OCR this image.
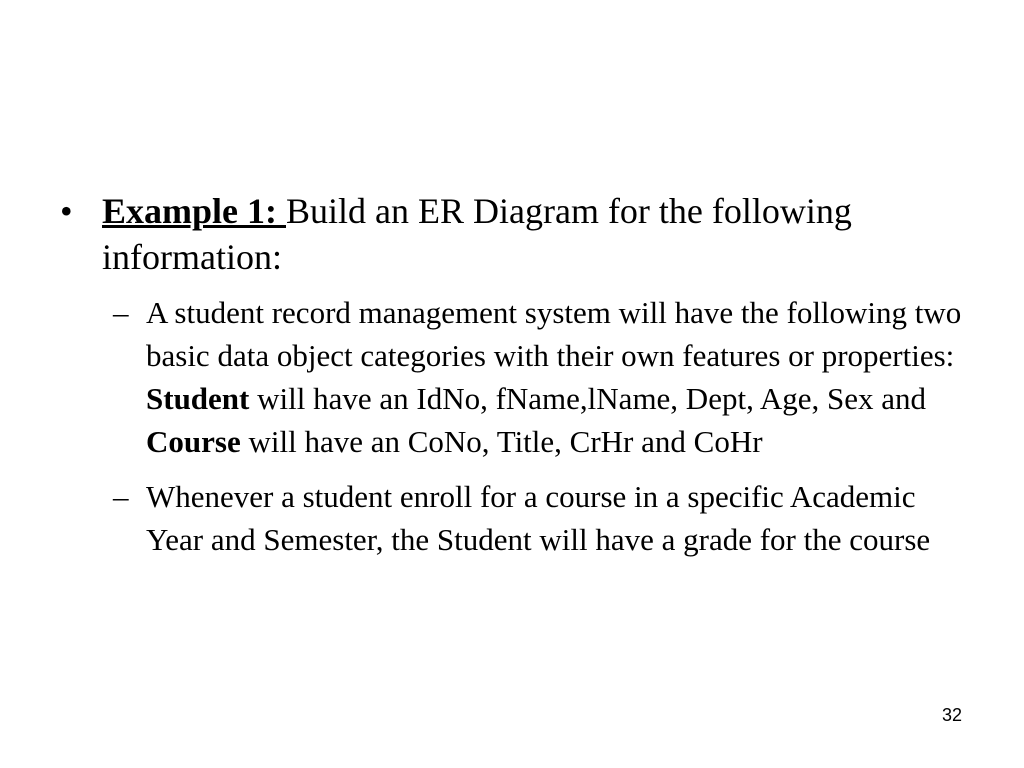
• Example 1: Build an ER Diagram for the following information:

– A student record management system will have the following two basic data object categories with their own features or properties: Student will have an IdNo, fName,lName, Dept, Age, Sex and Course will have an CoNo, Title, CrHr and CoHr

– Whenever a student enroll for a course in a specific Academic Year and Semester, the Student will have a grade for the course

32
